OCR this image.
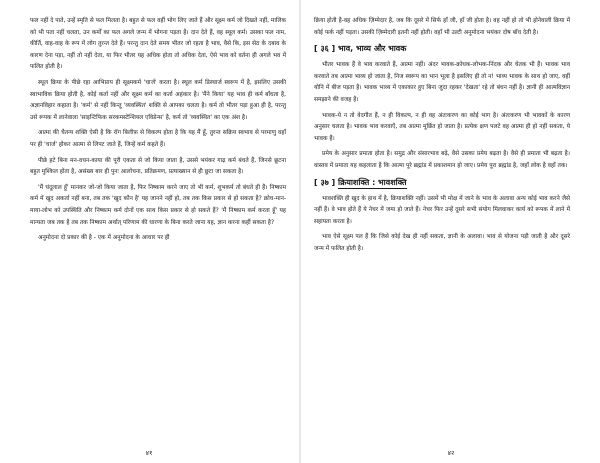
फल नहीं दे पाते, उन्हें स्मृति से फल मिलता है। बहुत से फल वहीं भोग लिए जाते हैं और सूक्ष्म कर्म जो दिखते नहीं, मालिक को भी पता नहीं चलता, उन कर्मों का फल अगले जन्म में भोगना पड़ता है। दान देते हैं, वह स्थूल कर्म। उसका फल नाम, कीर्ति, वाह-वाह के रूप में लोग तुरन्त देते हैं। परन्तु दान देते समय भीतर जो रहता है भाव, वैसे कि, इस सेठ के दबाव के कारण देना पड़ा, नहीं तो नहीं देता, या फिर भीतर यह अधिक होता तो अधिक देता, ऐसे भाव को वर्तना ही अगले भव में फलित होती है।

स्थूल क्रिया के पीछे रहा आभिप्राय ही सूक्ष्मकर्म 'चार्ज' करता है। स्थूल कर्म डिस्चार्ज स्वरूप में है, इसलिए उसकी स्वाभाविक क्रिया होती है, कोई कर्ता नहीं और सूक्ष्म कर्म का कर्ता अहंकार है। 'मैंने किया' यह भाव ही कर्म बाँधता है, अज्ञानविहार कहाता है। 'कर्म' से नहीं किन्तु 'व्यवस्थित' शक्ति से आपका चलता है। कर्म तो भीतर पड़ा हुआ ही है, परन्तु उसे रूपक में लानेवाला 'साइन्टिफिक सरकमस्टेन्शियल एविडेन्स' है, कर्म तो 'व्यवस्थित' का एक अंश है।

आत्मा की चैतन्य शक्ति ऐसी है कि रॉग बिलीफ़ से विकल्प होता है कि यह मैं हूँ, तुरन्त सक्रिय स्वभाव से परमाणु वहाँ पर ही 'चार्ज' होकर आत्मा से लिपट जाते हैं, जिन्हें कर्म कहते हैं।

पीछे हटे बिना मन-वचन-काया की पूरी एकता से जो किया जाता है, उससे भयंकर गाढ़ कर्म बंधते हैं, जिनसे छूटना बहुत मुश्किल होता है, असंख्य बार ही पुनः आलोचना, प्रतिक्रमण, प्रत्याख्यान से ही छूटा जा सकता है।

'मैं चंदूलाल हूँ' मानकर जो-जो किया जाता है, फिर निष्काम करने जाए तो भी कर्म, शुभकर्म तो बंधते ही हैं। निष्काम कर्म में खुद अकर्ता नहीं बना, तब तक 'खुद कौन है' यह जानने नहीं हो, तब तक किस प्रकार से हो सकता है? क्रोध-मान-माया-लोभ को उपस्थिति और निष्काम कर्म दोनों एक साथ किस प्रकार से हो सकते हैं? 'मैं निष्काम कर्म करता हूँ' यह मान्यता जब तक है तब तक निष्काम अर्थात् परिणाम की धारणा के बिना करते जाना यह, ज्ञान करना कहीं सकता है?

अनुमोदना दो प्रकार की है - एक में अनुमोदना के आधार पर ही

४१

क्रिया होती है-वह अधिक ज़िम्मेदार है, जब कि दूसरे में सिर्फ हाँ जी, हाँ जी होता है। वह नहीं हो तो भी होनेवाली क्रिया में कोई फर्क नहीं पड़ता। उसकी ज़िम्मेदारी इतनी नहीं होती। वहाँ भी उल्टी अनुमोदना भयंकर दोष बाँध देती है।

[ ३६ ] भाव, भाव्य और भावक

भीतर भावक हैं वे भाव करवाते हैं, आत्मा नहीं। अंदर भावक-क्रोधक-लोभक-निंदक और चेतक भी हैं। भावक भाव करवाते तब आत्मा भाव्य हो जाता है, निज स्वरूप का भान भूला है इसलिए ही तो न! भाव्य भावक के साथ हो जाए, वहीं योनि में बीज पड़ता है। भावक भाव्य में एकाकार हुए बिना जुदा रहकर 'देखता' रहे तो बंधन नहीं है। ज्ञानी ही आत्मविज्ञान समझाने की वजह है।

भावक-ये न तो वेदगीत हैं, न ही विकल्प, न ही वह अंतःकरण का कोई भाग है। अंतःकरण भी भावकों के कारण अनुसार चलता है। भावक भाव करवाएँ, तब आत्मा मूर्छित हो जाता है। प्रत्येक क्षण पलटे वह आत्मा ही हो नहीं सकता, ये भावक हैं।

प्रमेय के अनुसार प्रमाता होता है। समुद्र और संसारभाव बढ़े, वैसे उसका प्रमेय बढ़ता है। वैसे ही प्रमाता भी बढ़ता है। वास्तव में प्रमाता यह कहलाता है कि आत्मा पूरे ब्रह्मांड में प्रकाशमान हो जाए। प्रमेय पूरा ब्रह्मांड है, जहाँ लोक है वहाँ तक।

[ ३७ ] क्रियाशक्ति : भावशक्ति

भावशक्ति ही खुद के हाथ में है, क्रियाशक्ति नहीं। उसमें भी मोक्ष में जाने के भाव के अलावा अन्य कोई भाव करने जैसे नहीं हैं। वे भाव होते हैं ये नेचर में जमा हो जाते हैं। नेचर फिर उन्हें दूसरे सभी संयोग मिलवाकर कार्य को रूपक में लाने में सहायता करता है।

भाव ऐसे सूक्ष्म पल हैं कि जिसे कोई देख ही नहीं सकता, ज्ञानी के अलावा। भाव से योजना पड़ी जाती है और दूसरे जन्म में फलित होती है।

४२
